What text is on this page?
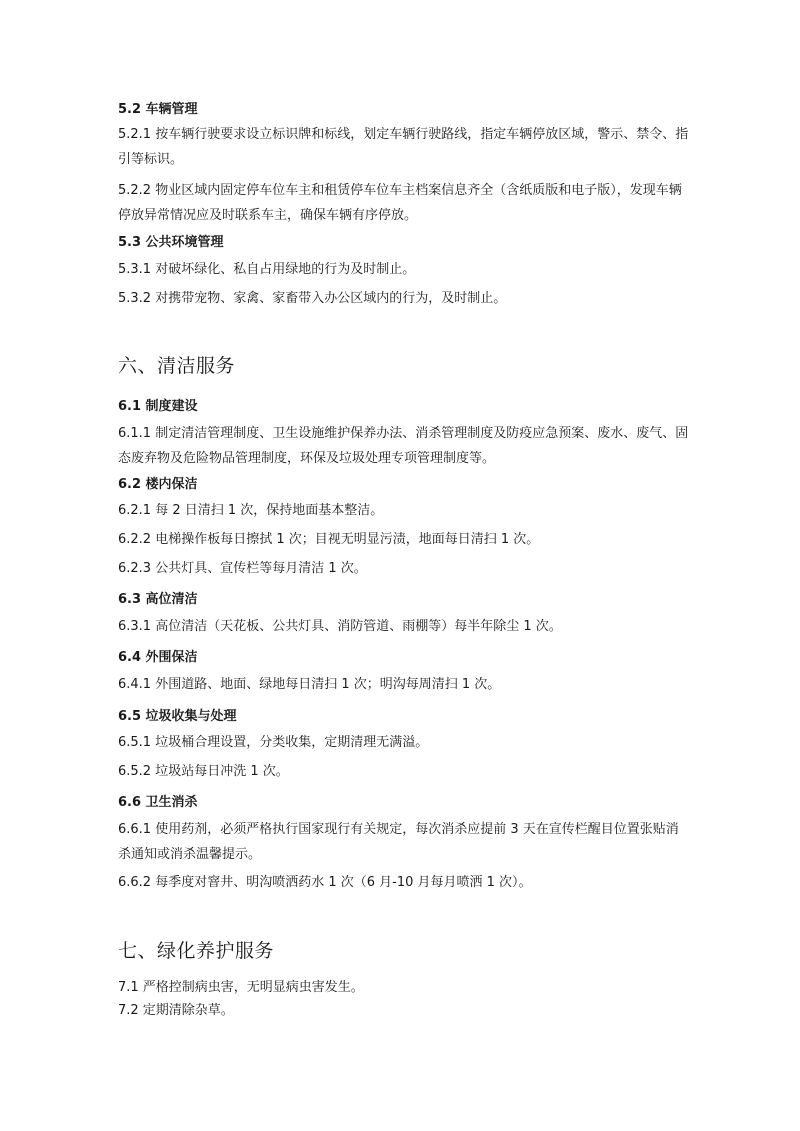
5.2 车辆管理
5.2.1 按车辆行驶要求设立标识牌和标线，划定车辆行驶路线，指定车辆停放区域，警示、禁令、指引等标识。
5.2.2 物业区域内固定停车位车主和租赁停车位车主档案信息齐全（含纸质版和电子版），发现车辆停放异常情况应及时联系车主，确保车辆有序停放。
5.3 公共环境管理
5.3.1 对破坏绿化、私自占用绿地的行为及时制止。
5.3.2 对携带宠物、家禽、家畜带入办公区域内的行为，及时制止。
六、清洁服务
6.1 制度建设
6.1.1 制定清洁管理制度、卫生设施维护保养办法、消杀管理制度及防疫应急预案、废水、废气、固态废弃物及危险物品管理制度，环保及垃圾处理专项管理制度等。
6.2 楼内保洁
6.2.1 每 2 日清扫 1 次，保持地面基本整洁。
6.2.2 电梯操作板每日擦拭 1 次；目视无明显污渍，地面每日清扫 1 次。
6.2.3 公共灯具、宣传栏等每月清洁 1 次。
6.3 高位清洁
6.3.1 高位清洁（天花板、公共灯具、消防管道、雨棚等）每半年除尘 1 次。
6.4 外围保洁
6.4.1 外围道路、地面、绿地每日清扫 1 次；明沟每周清扫 1 次。
6.5 垃圾收集与处理
6.5.1 垃圾桶合理设置，分类收集，定期清理无满溢。
6.5.2 垃圾站每日冲洗 1 次。
6.6 卫生消杀
6.6.1 使用药剂，必须严格执行国家现行有关规定，每次消杀应提前 3 天在宣传栏醒目位置张贴消杀通知或消杀温馨提示。
6.6.2 每季度对窨井、明沟喷洒药水 1 次（6 月-10 月每月喷洒 1 次）。
七、绿化养护服务
7.1 严格控制病虫害，无明显病虫害发生。
7.2 定期清除杂草。
